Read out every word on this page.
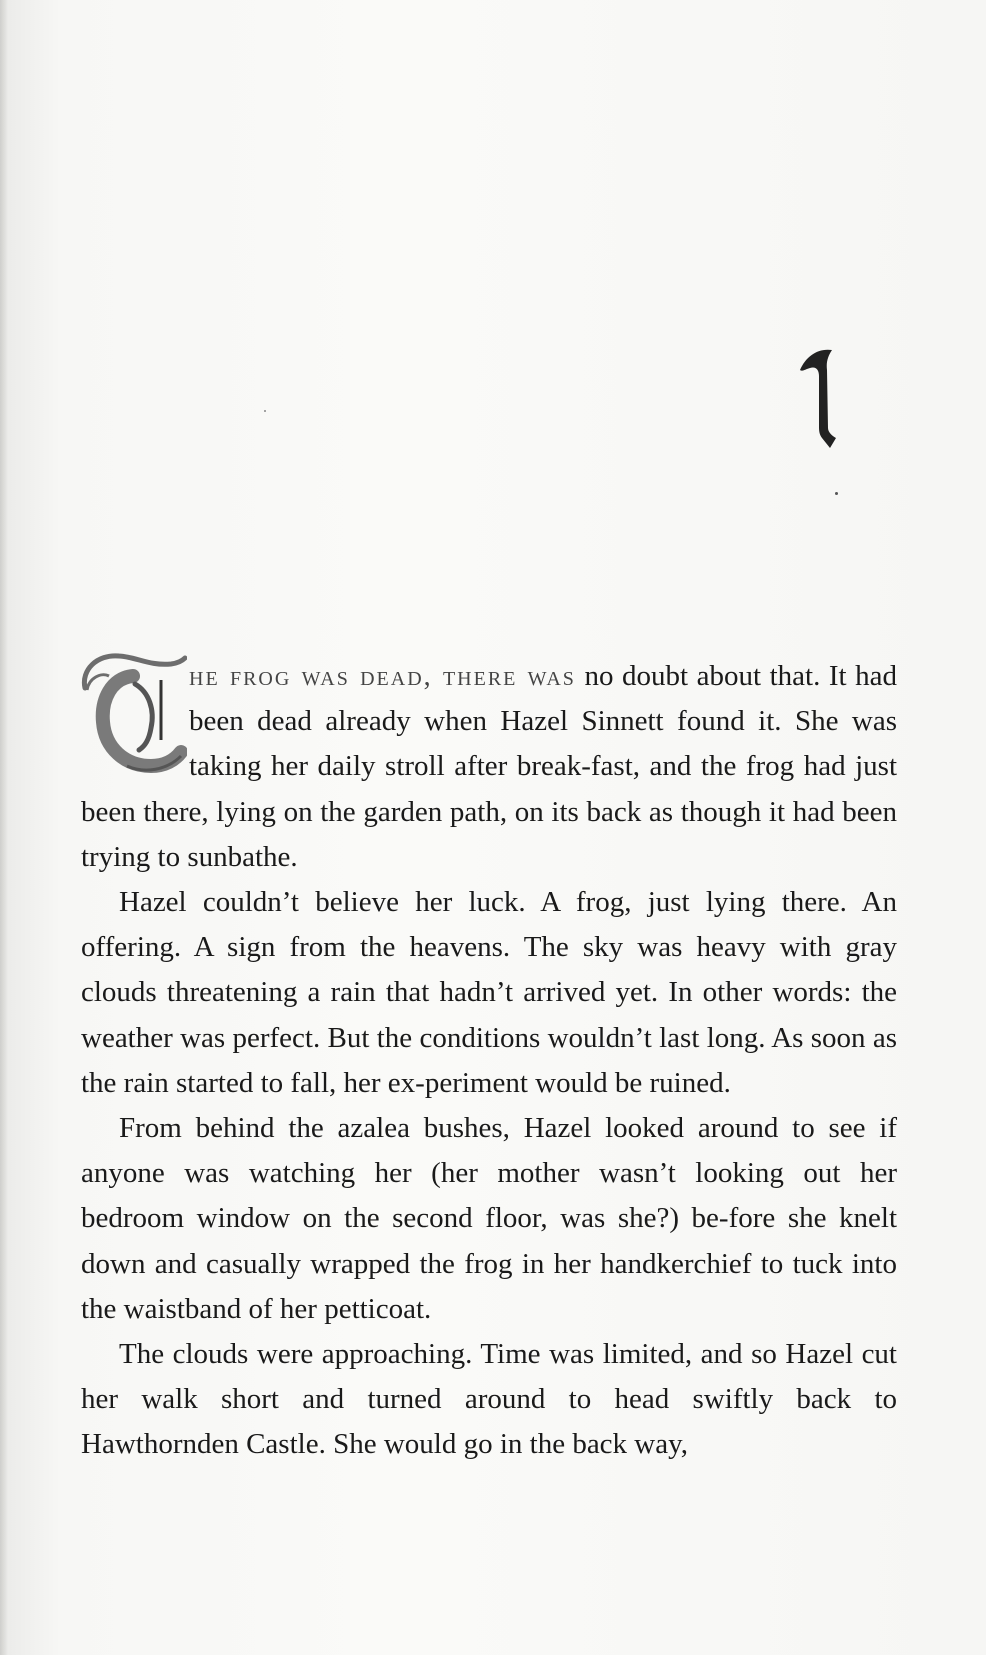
he frog was dead, there was no doubt about that. It had been dead already when Hazel Sinnett found it. She was taking her daily stroll after break-fast, and the frog had just been there, lying on the garden path, on its back as though it had been trying to sunbathe.

Hazel couldn’t believe her luck. A frog, just lying there. An offering. A sign from the heavens. The sky was heavy with gray clouds threatening a rain that hadn’t arrived yet. In other words: the weather was perfect. But the conditions wouldn’t last long. As soon as the rain started to fall, her ex-periment would be ruined.

From behind the azalea bushes, Hazel looked around to see if anyone was watching her (her mother wasn’t looking out her bedroom window on the second floor, was she?) be-fore she knelt down and casually wrapped the frog in her handkerchief to tuck into the waistband of her petticoat.

The clouds were approaching. Time was limited, and so Hazel cut her walk short and turned around to head swiftly back to Hawthornden Castle. She would go in the back way,
